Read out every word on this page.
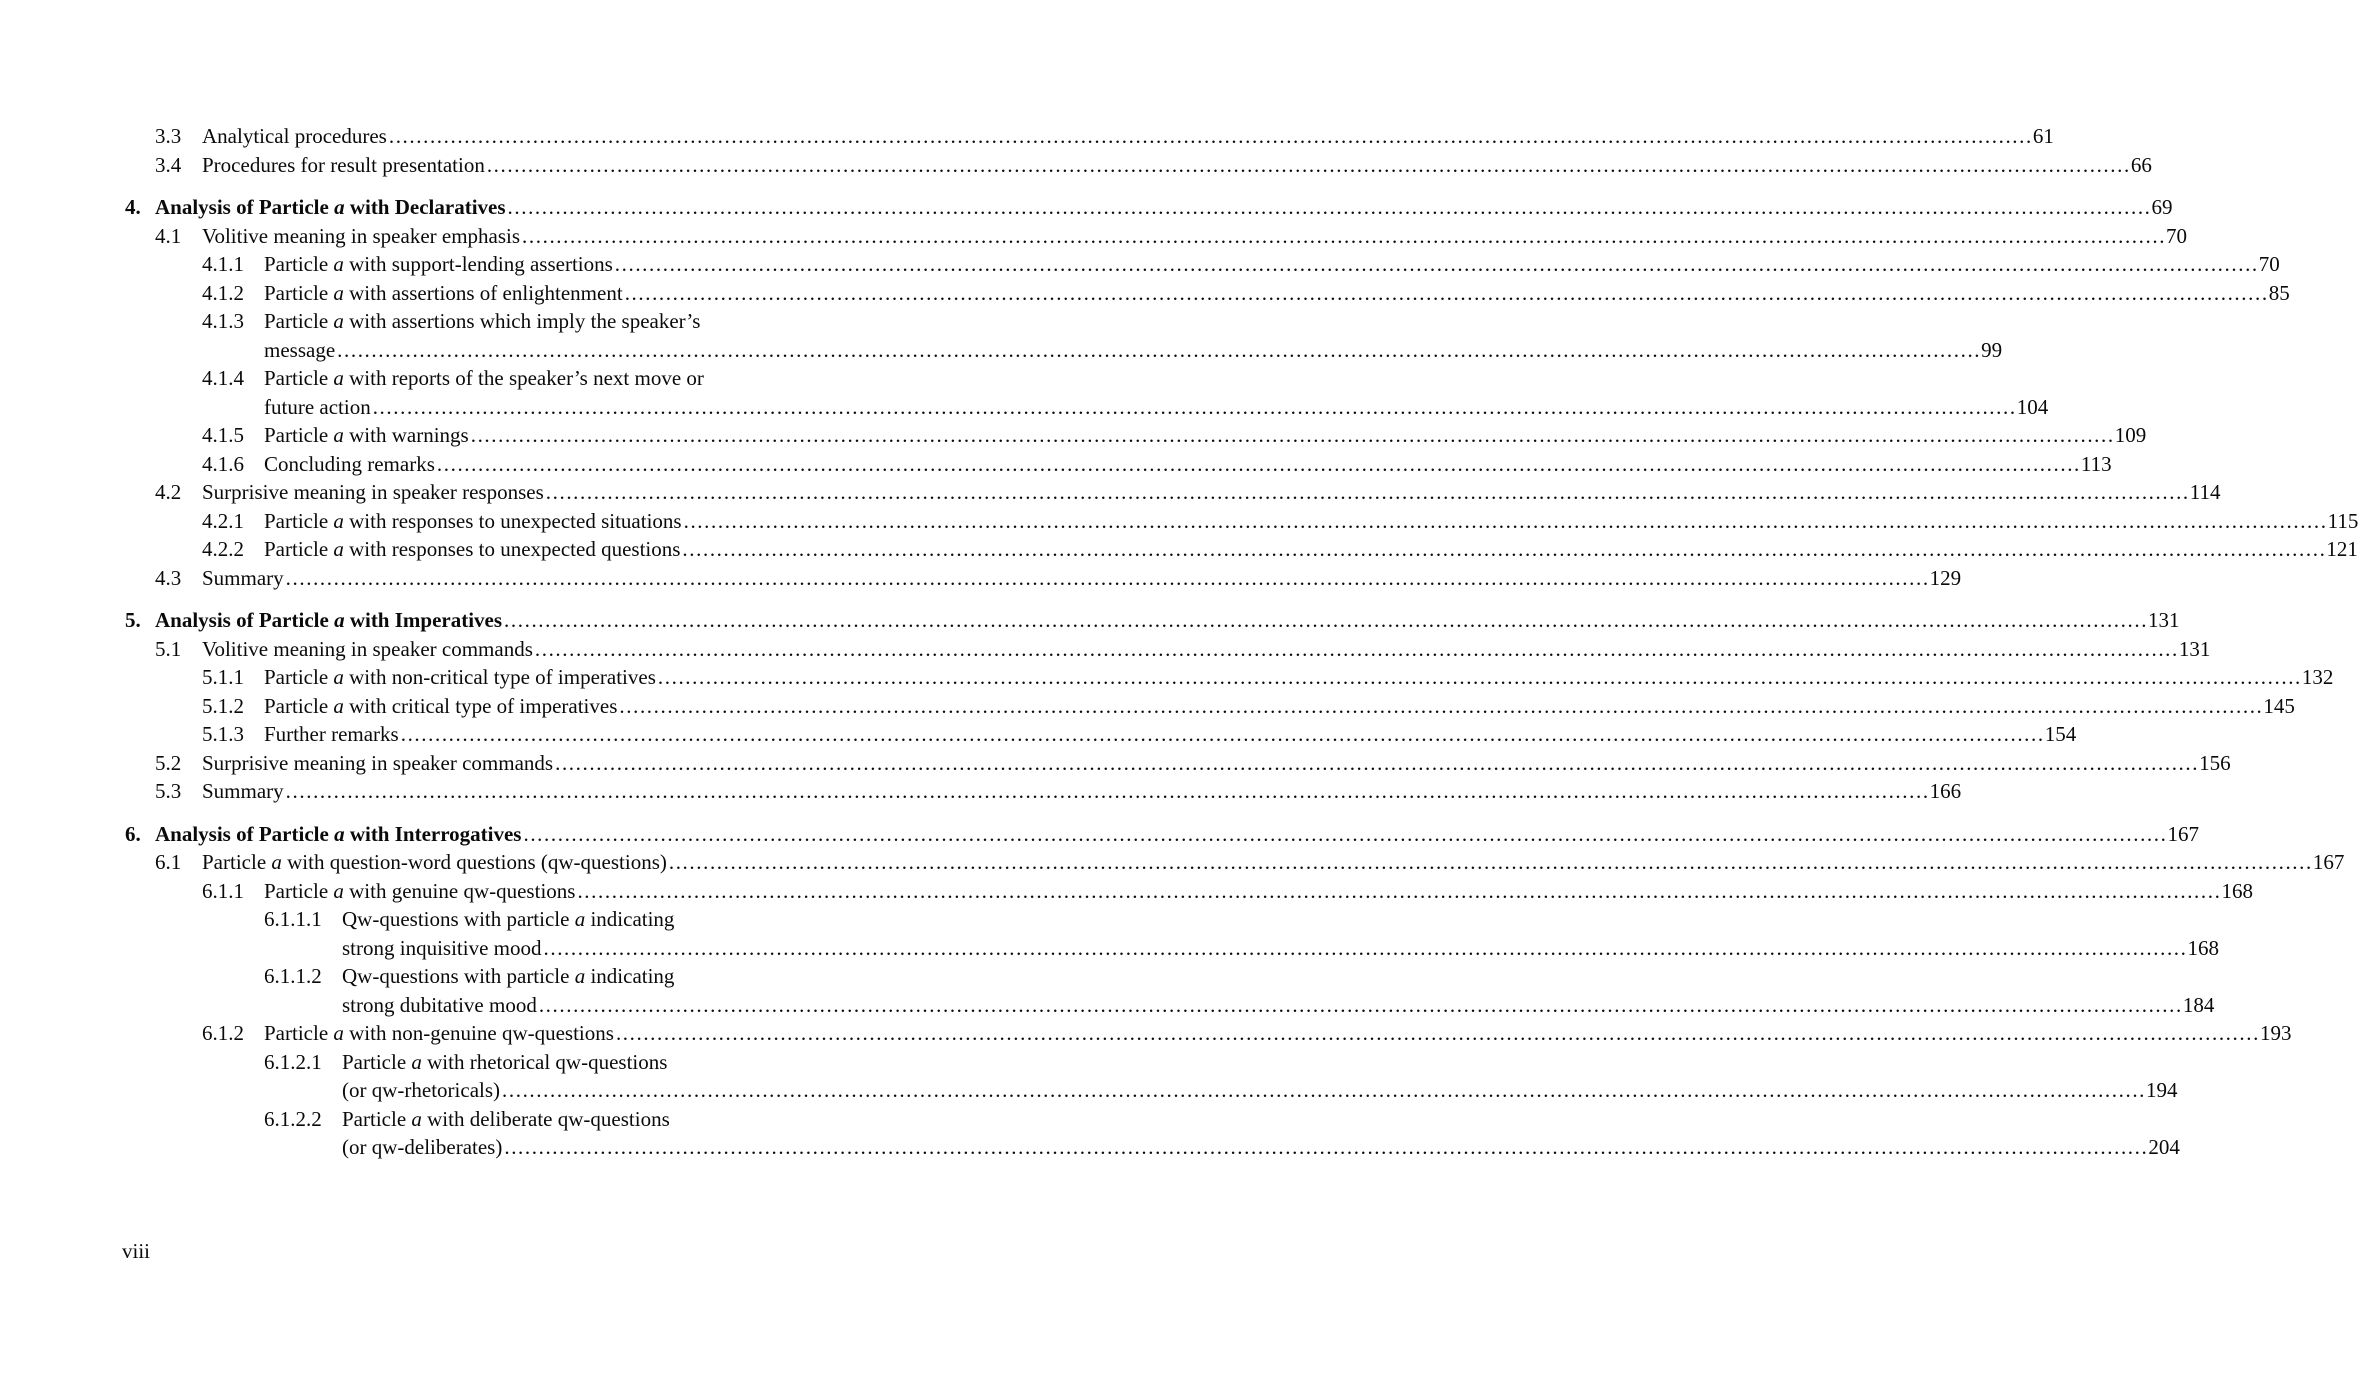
3.3 Analytical procedures ................................................................................................................................................................................................................................................ 61
3.4 Procedures for result presentation ................................................................................................................................................................................................................................................ 66
4. Analysis of Particle a with Declaratives ................................................................................................................................................................................................................................................ 69
4.1 Volitive meaning in speaker emphasis ................................................................................................................................................................................................................................................ 70
4.1.1 Particle a with support-lending assertions ................................................................................................................................................................................................................................................ 70
4.1.2 Particle a with assertions of enlightenment ................................................................................................................................................................................................................................................ 85
4.1.3 Particle a with assertions which imply the speaker’s
message ................................................................................................................................................................................................................................................ 99
4.1.4 Particle a with reports of the speaker’s next move or
future action ................................................................................................................................................................................................................................................ 104
4.1.5 Particle a with warnings ................................................................................................................................................................................................................................................ 109
4.1.6 Concluding remarks ................................................................................................................................................................................................................................................ 113
4.2 Surprisive meaning in speaker responses ................................................................................................................................................................................................................................................ 114
4.2.1 Particle a with responses to unexpected situations ................................................................................................................................................................................................................................................ 115
4.2.2 Particle a with responses to unexpected questions ................................................................................................................................................................................................................................................ 121
4.3 Summary ................................................................................................................................................................................................................................................ 129
5. Analysis of Particle a with Imperatives ................................................................................................................................................................................................................................................ 131
5.1 Volitive meaning in speaker commands ................................................................................................................................................................................................................................................ 131
5.1.1 Particle a with non-critical type of imperatives ................................................................................................................................................................................................................................................ 132
5.1.2 Particle a with critical type of imperatives ................................................................................................................................................................................................................................................ 145
5.1.3 Further remarks ................................................................................................................................................................................................................................................ 154
5.2 Surprisive meaning in speaker commands ................................................................................................................................................................................................................................................ 156
5.3 Summary ................................................................................................................................................................................................................................................ 166
6. Analysis of Particle a with Interrogatives ................................................................................................................................................................................................................................................ 167
6.1 Particle a with question-word questions (qw-questions) ................................................................................................................................................................................................................................................ 167
6.1.1 Particle a with genuine qw-questions ................................................................................................................................................................................................................................................ 168
6.1.1.1 Qw-questions with particle a indicating
strong inquisitive mood ................................................................................................................................................................................................................................................ 168
6.1.1.2 Qw-questions with particle a indicating
strong dubitative mood ................................................................................................................................................................................................................................................ 184
6.1.2 Particle a with non-genuine qw-questions ................................................................................................................................................................................................................................................ 193
6.1.2.1 Particle a with rhetorical qw-questions
(or qw-rhetoricals) ................................................................................................................................................................................................................................................ 194
6.1.2.2 Particle a with deliberate qw-questions
(or qw-deliberates) ................................................................................................................................................................................................................................................ 204
viii
